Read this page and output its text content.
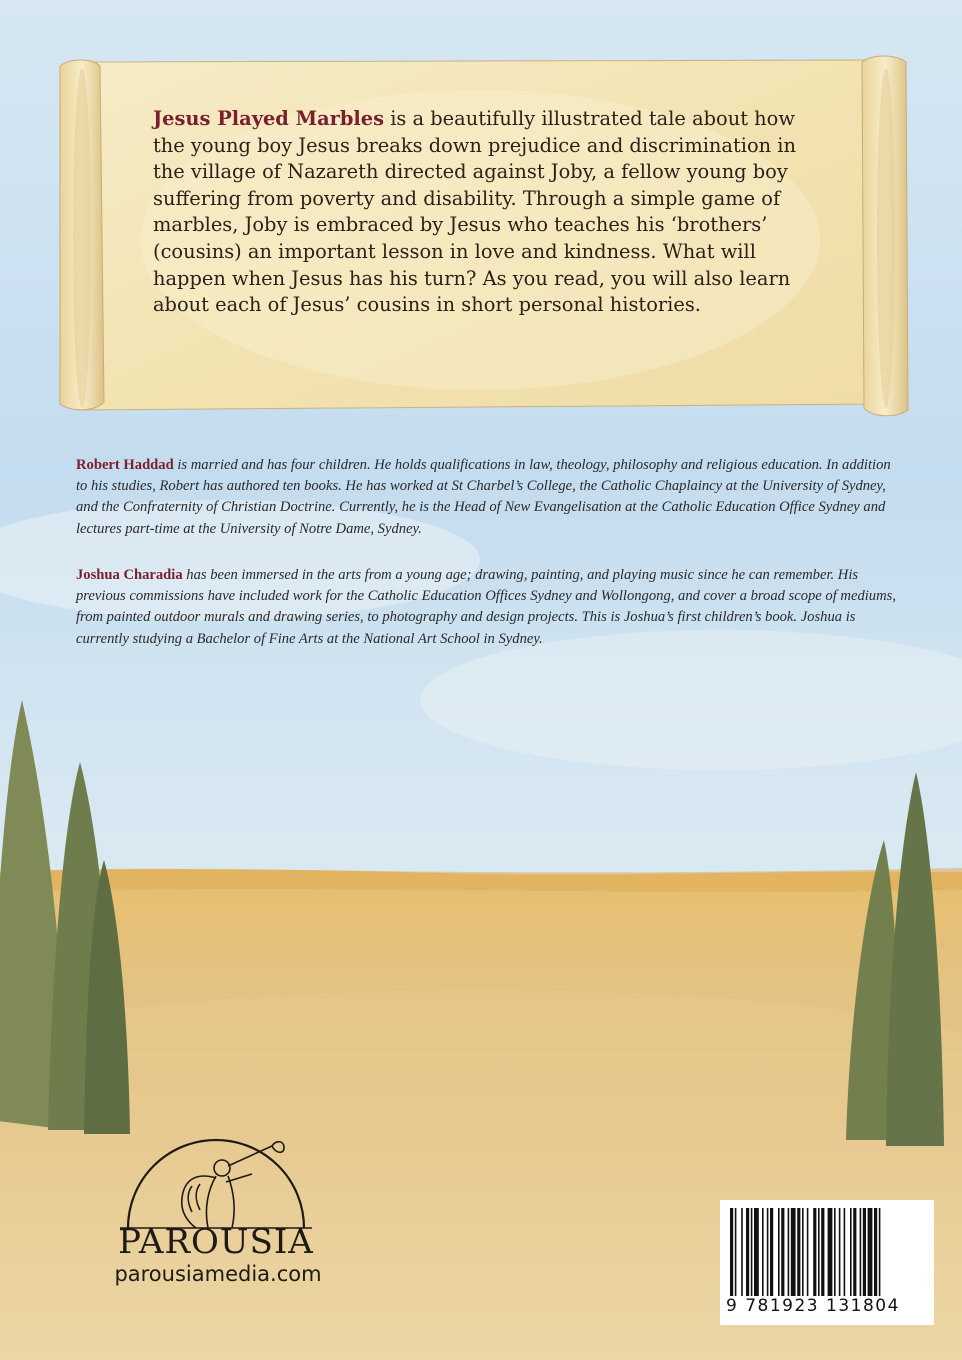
Jesus Played Marbles is a beautifully illustrated tale about how the young boy Jesus breaks down prejudice and discrimination in the village of Nazareth directed against Joby, a fellow young boy suffering from poverty and disability. Through a simple game of marbles, Joby is embraced by Jesus who teaches his ‘brothers’ (cousins) an important lesson in love and kindness. What will happen when Jesus has his turn? As you read, you will also learn about each of Jesus’ cousins in short personal histories.

Robert Haddad is married and has four children. He holds qualifications in law, theology, philosophy and religious education. In addition to his studies, Robert has authored ten books. He has worked at St Charbel’s College, the Catholic Chaplaincy at the University of Sydney, and the Confraternity of Christian Doctrine. Currently, he is the Head of New Evangelisation at the Catholic Education Office Sydney and lectures part-time at the University of Notre Dame, Sydney.

Joshua Charadia has been immersed in the arts from a young age; drawing, painting, and playing music since he can remember. His previous commissions have included work for the Catholic Education Offices Sydney and Wollongong, and cover a broad scope of mediums, from painted outdoor murals and drawing series, to photography and design projects. This is Joshua’s first children’s book. Joshua is currently studying a Bachelor of Fine Arts at the National Art School in Sydney.

PAROUSIA
parousiamedia.com
9 781923 131804
